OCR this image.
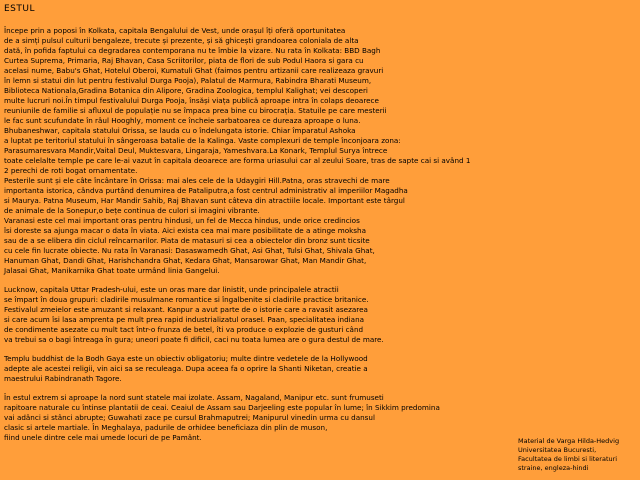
ESTUL
Începe prin a poposi în Kolkata, capitala Bengalului de Vest, unde orașul îți oferă oportunitatea
de a simți pulsul culturii bengaleze, trecute și prezente, și să ghicești grandoarea coloniala de alta
dată, în pofida faptului ca degradarea contemporana nu te îmbie la vizare. Nu rata în Kolkata: BBD Bagh
Curtea Suprema, Primaria, Raj Bhavan, Casa Scriitorilor, piata de flori de sub Podul Haora si gara cu
acelasi nume, Babu's Ghat, Hotelul Oberoi, Kumatuli Ghat (faimos pentru artizanii care realizeaza gravuri
în lemn si statui din lut pentru festivalul Durga Pooja), Palatul de Marmura, Rabindra Bharati Museum,
Biblioteca Nationala,Gradina Botanica din Alipore, Gradina Zoologica, templul Kalighat; vei descoperi
multe lucruri noi.În timpul festivalului Durga Pooja, însăși viața publică aproape intra în colaps deoarece
reuniunile de familie si afluxul de populație nu se împaca prea bine cu birocrația. Statuile pe care mesterii
le fac sunt scufundate în râul Hooghly, moment ce încheie sarbatoarea ce dureaza aproape o luna.
Bhubaneshwar, capitala statului Orissa, se lauda cu o îndelungata istorie. Chiar împaratul Ashoka
a luptat pe teritoriul statului în sângeroasa batalie de la Kalinga. Vaste complexuri de temple înconjoara zona:
Parasumaresvara Mandir,Vaital Deul, Muktesvara, Lingaraja, Yameshvara.La Konark, Templul Surya întrece
toate celelalte temple pe care le-ai vazut în capitala deoarece are forma uriasului car al zeului Soare, tras de sapte cai si având 1
2 perechi de roti bogat ornamentate.
Pesterile sunt și ele câte încântare în Orissa: mai ales cele de la Udaygiri Hill.Patna, oras stravechi de mare
importanta istorica, cândva purtând denumirea de Pataliputra,a fost centrul administrativ al imperiilor Magadha
si Maurya. Patna Museum, Har Mandir Sahib, Raj Bhavan sunt câteva din atractiile locale. Important este târgul
de animale de la Sonepur,o bețe continua de culori si imagini vibrante.
Varanasi este cel mai important oras pentru hindusi, un fel de Mecca hindus, unde orice credincios
îsi doreste sa ajunga macar o data în viata. Aici exista cea mai mare posibilitate de a atinge moksha
sau de a se elibera din ciclul reîncarnarilor. Piata de matasuri si cea a obiectelor din bronz sunt ticsite
cu cele fin lucrate obiecte. Nu rata în Varanasi: Dasaswamedh Ghat, Asi Ghat, Tulsi Ghat, Shivala Ghat,
Hanuman Ghat, Dandi Ghat, Harishchandra Ghat, Kedara Ghat, Mansarowar Ghat, Man Mandir Ghat,
Jalasai Ghat, Manikarnika Ghat toate urmând linia Gangelui.
Lucknow, capitala Uttar Pradesh-ului, este un oras mare dar linistit, unde principalele atractii
se împart în doua grupuri: cladirile musulmane romantice si îngalbenite si cladirile practice britanice.
Festivalul zmeielor este amuzant si relaxant. Kanpur a avut parte de o istorie care a ravasit asezarea
si care acum îsi lasa amprenta pe mult prea rapid industrializatul oraseI. Paan, specialitatea indiana
de condimente asezate cu mult tact într-o frunza de betel, îti va produce o explozie de gusturi când
va trebui sa o bagi întreaga în gura; uneori poate fi dificil, caci nu toata lumea are o gura destul de mare.
Templu buddhist de la Bodh Gaya este un obiectiv obligatoriu; multe dintre vedetele de la Hollywood
adepte ale acestei religii, vin aici sa se reculeaga. Dupa aceea fa o oprire la Shanti Niketan, creatie a
maestrului Rabindranath Tagore.
În estul extrem si aproape la nord sunt statele mai izolate. Assam, Nagaland, Manipur etc. sunt frumuseti
rapitoare naturale cu întinse plantatii de ceai. Ceaiul de Assam sau Darjeeling este popular în lume; în Sikkim predomina
vai adânci si stânci abrupte; Guwahati zace pe cursul Brahmaputrei; Manipurul vinedin urma cu dansul
clasic si artele martiale. În Meghalaya, padurile de orhidee beneficiaza din plin de muson,
fiind unele dintre cele mai umede locuri de pe Pamânt.	Material de Varga Hilda-Hedvig
Universitatea Bucuresti,
Facultatea de limbi si literaturi
straine, engleza-hindi
